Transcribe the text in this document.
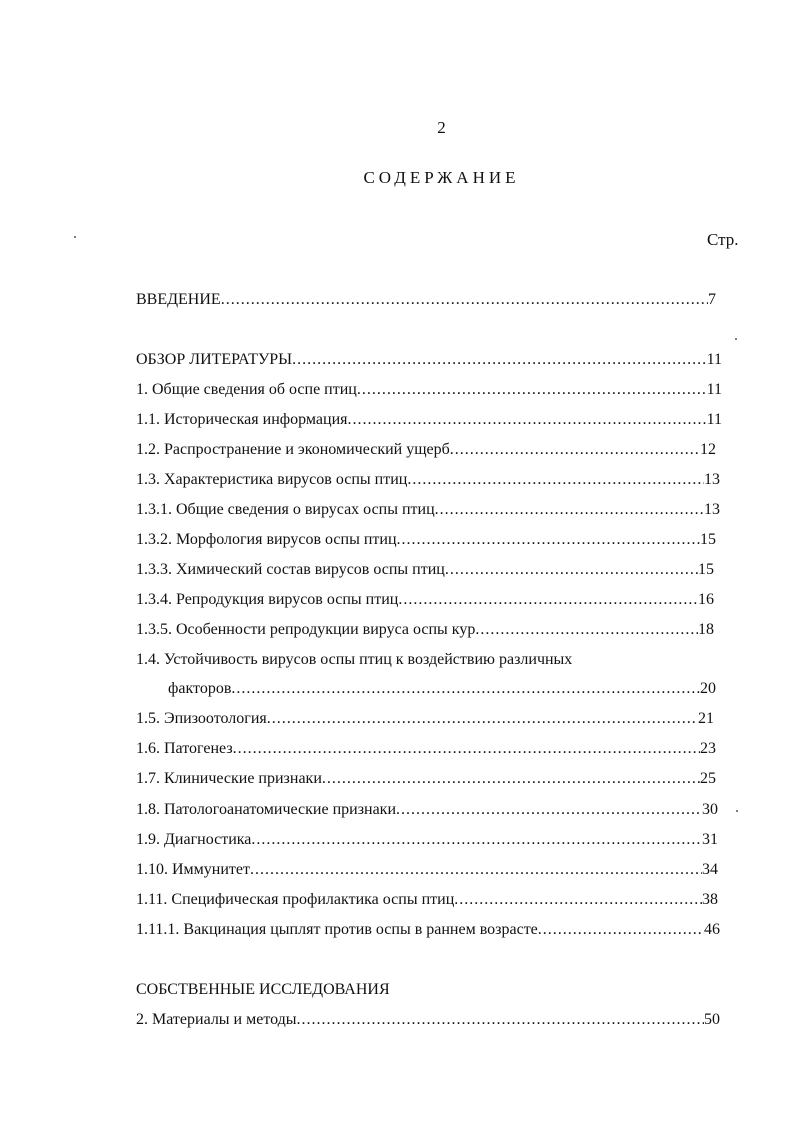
2
СОДЕРЖАНИЕ
Стр.
ВВЕДЕНИЕ .....	7
ОБЗОР ЛИТЕРАТУРЫ .....	11
1. Общие сведения об оспе птиц .....	11
1.1. Историческая информация .....	11
1.2. Распространение и экономический ущерб .....	12
1.3. Характеристика вирусов оспы птиц .....	13
1.3.1. Общие сведения о вирусах оспы птиц .....	13
1.3.2. Морфология вирусов оспы птиц .....	15
1.3.3. Химический состав вирусов оспы птиц .....	15
1.3.4. Репродукция вирусов оспы птиц .....	16
1.3.5. Особенности репродукции вируса оспы кур .....	18
1.4. Устойчивость вирусов оспы птиц к воздействию различных
факторов .....	20
1.5. Эпизоотология .....	21
1.6. Патогенез .....	23
1.7. Клинические признаки .....	25
1.8. Патологоанатомические признаки .....	30
1.9. Диагностика .....	31
1.10. Иммунитет .....	34
1.11. Специфическая профилактика оспы птиц .....	38
1.11.1. Вакцинация цыплят против оспы в раннем возрасте .....	46
СОБСТВЕННЫЕ ИССЛЕДОВАНИЯ
2. Материалы и методы .....	50
